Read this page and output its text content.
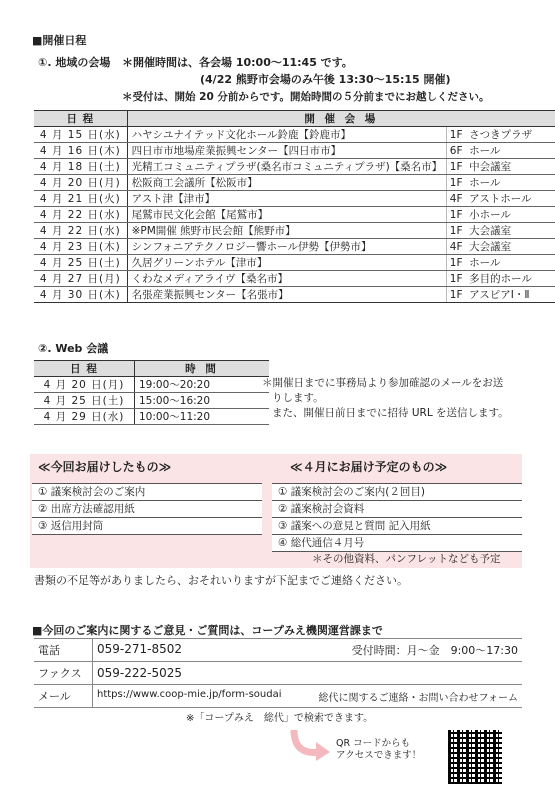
■開催日程
①. 地域の会場 ＊開催時間は、各会場 10:00～11:45 です。
(4/22 熊野市会場のみ午後 13:30～15:15 開催)
＊受付は、開始 20 分前からです。開始時間の５分前までにお越しください。
日 程	開 催 会 場		
4 月 15 日(水)	ハヤシユナイテッド文化ホール鈴鹿【鈴鹿市】	1F	さつきプラザ
4 月 16 日(木)	四日市市地場産業振興センター【四日市市】	6F	ホール
4 月 18 日(土)	光精工コミュニティプラザ(桑名市コミュニティプラザ)【桑名市】	1F	中会議室
4 月 20 日(月)	松阪商工会議所【松阪市】	1F	ホール
4 月 21 日(火)	アスト津【津市】	4F	アストホール
4 月 22 日(水)	尾鷲市民文化会館【尾鷲市】	1F	小ホール
4 月 22 日(水)	※PM開催 熊野市民会館【熊野市】	1F	大会議室
4 月 23 日(木)	シンフォニアテクノロジー響ホール伊勢【伊勢市】	4F	大会議室
4 月 25 日(土)	久居グリーンホテル【津市】	1F	ホール
4 月 27 日(月)	くわなメディアライヴ【桑名市】	1F	多目的ホール
4 月 30 日(木)	名張産業振興センター【名張市】	1F	アスピアⅠ・Ⅱ
②. Web 会議
日 程	時 間
4 月 20 日(月)	19:00～20:20
4 月 25 日(土)	15:00～16:20
4 月 29 日(水)	10:00～11:20
＊開催日までに事務局より参加確認のメールをお送
りします。
また、開催日前日までに招待 URL を送信します。
≪今回お届けしたもの≫	≪４月にお届け予定のもの≫
① 議案検討会のご案内
② 出席方法確認用紙
③ 返信用封筒
① 議案検討会のご案内(２回目)
② 議案検討会資料
③ 議案への意見と質問 記入用紙
④ 総代通信４月号
＊その他資料、パンフレットなども予定
書類の不足等がありましたら、おそれいりますが下記までご連絡ください。
■今回のご案内に関するご意見・ご質問は、コープみえ機関運営課まで
電話	059-271-8502 受付時間：月～金　9:00～17:30

ファクス	059-222-5025
メール	https://www.coop-mie.jp/form-soudai 総代に関するご連絡・お問い合わせフォーム
※「コープみえ　総代」で検索できます。
QR コードからも
アクセスできます！
